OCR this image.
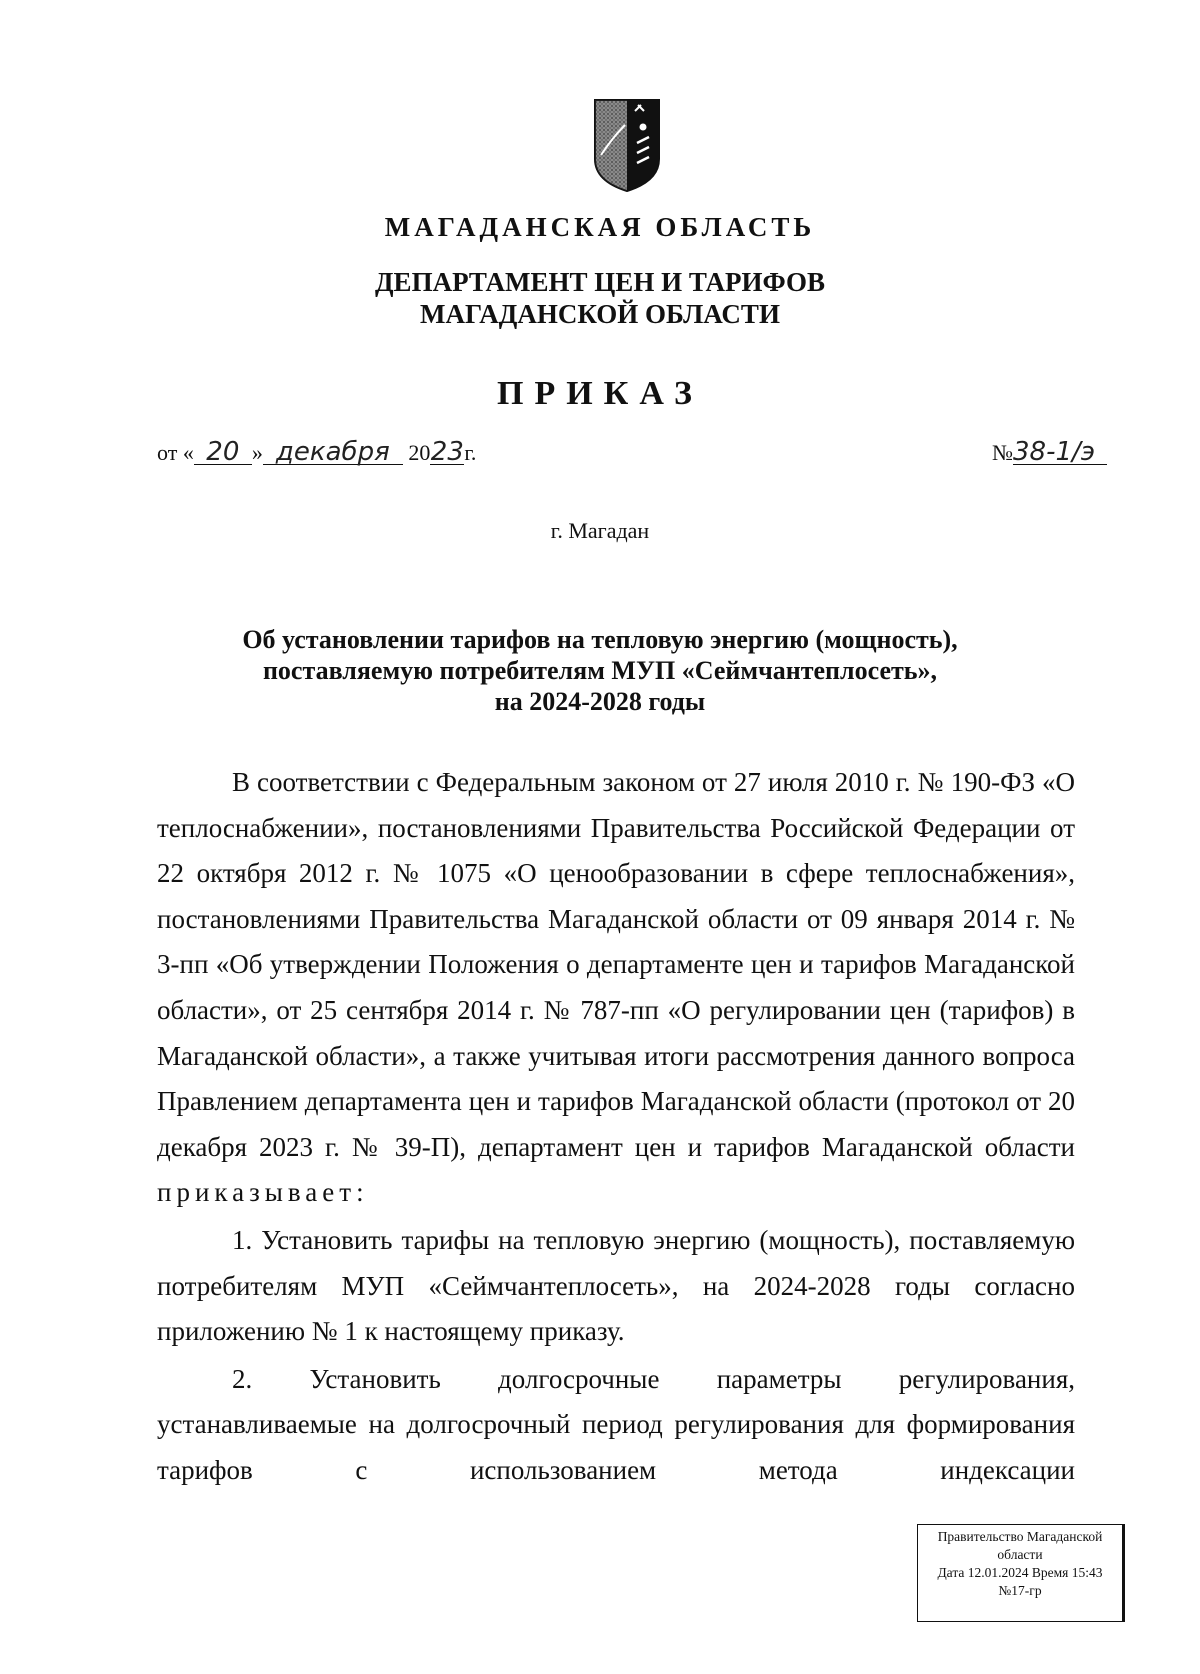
МАГАДАНСКАЯ ОБЛАСТЬ
ДЕПАРТАМЕНТ ЦЕН И ТАРИФОВ
МАГАДАНСКОЙ ОБЛАСТИ
ПРИКАЗ
от « 20 » декабря 2023г.	№38-1/э
г. Магадан
Об установлении тарифов на тепловую энергию (мощность),
поставляемую потребителям МУП «Сеймчантеплосеть»,
на 2024-2028 годы

В соответствии с Федеральным законом от 27 июля 2010 г. № 190-ФЗ «О теплоснабжении», постановлениями Правительства Российской Федерации от 22 октября 2012 г. № 1075 «О ценообразовании в сфере теплоснабжения», постановлениями Правительства Магаданской области от 09 января 2014 г. № 3-пп «Об утверждении Положения о департаменте цен и тарифов Магаданской области», от 25 сентября 2014 г. № 787-пп «О регулировании цен (тарифов) в Магаданской области», а также учитывая итоги рассмотрения данного вопроса Правлением департамента цен и тарифов Магаданской области (протокол от 20 декабря 2023 г. № 39-П), департамент цен и тарифов Магаданской области приказывает:

1. Установить тарифы на тепловую энергию (мощность), поставляемую потребителям МУП «Сеймчантеплосеть», на 2024-2028 годы согласно приложению № 1 к настоящему приказу.

2. Установить долгосрочные параметры регулирования, устанавливаемые на долгосрочный период регулирования для формирования тарифов с использованием метода индексации

Правительство Магаданской
области
Дата 12.01.2024 Время 15:43
№17-гр
